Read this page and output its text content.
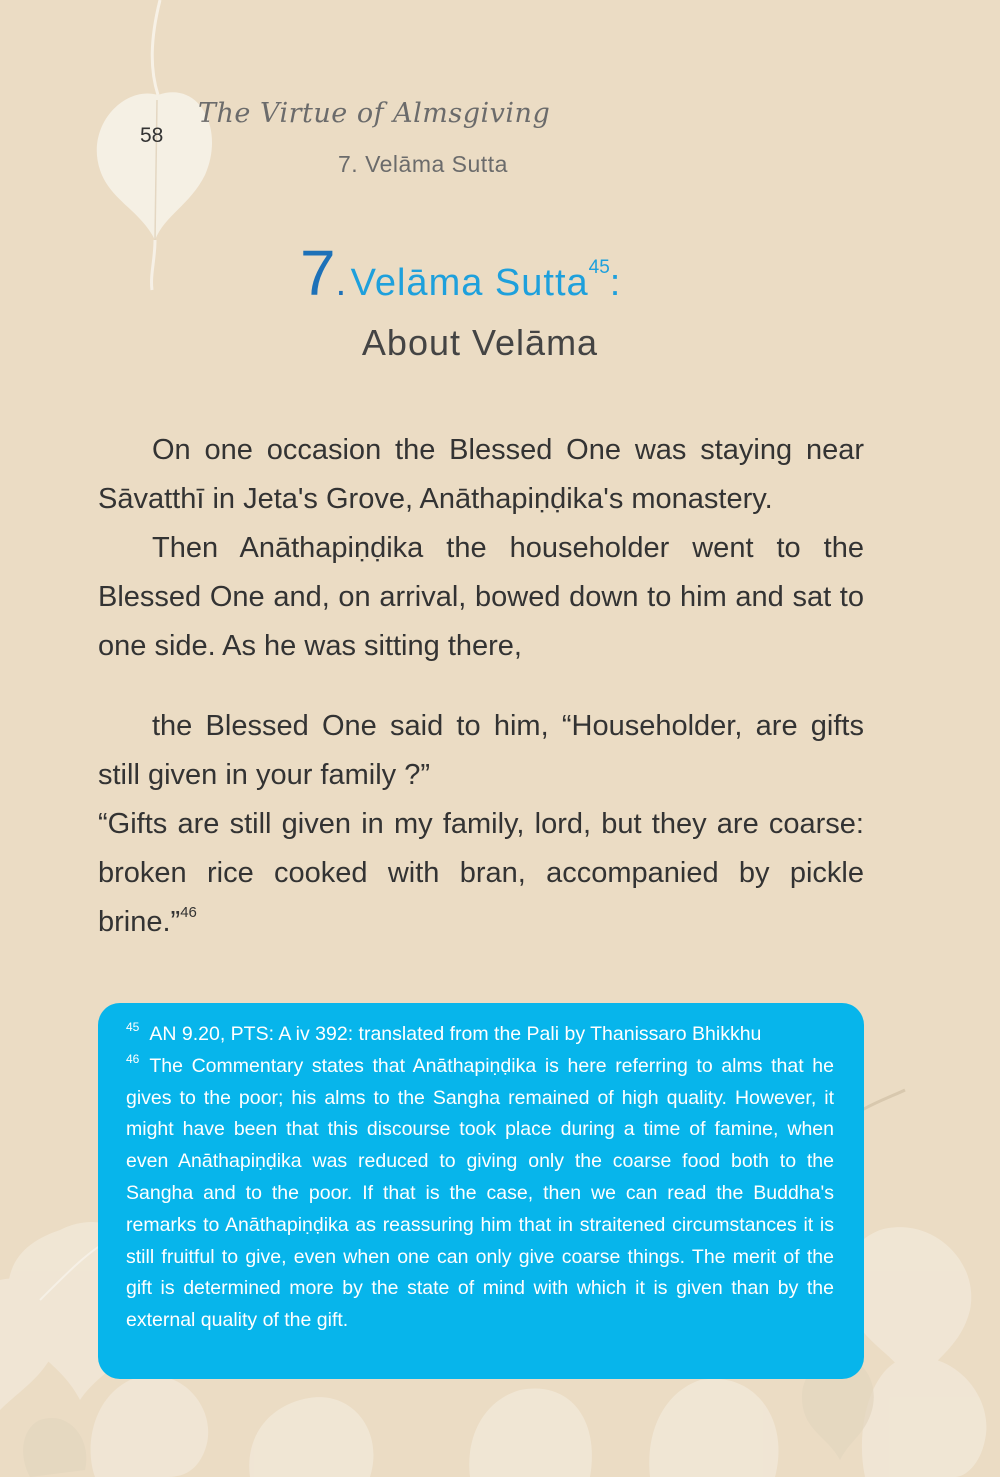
58
The Virtue of Almsgiving
7. Velāma Sutta
7. Velāma Sutta$^{45}$:
About Velāma

On one occasion the Blessed One was staying near Sāvatthī in Jeta's Grove, Anāthapiṇḍika's monastery.

Then Anāthapiṇḍika the householder went to the Blessed One and, on arrival, bowed down to him and sat to one side. As he was sitting there,

the Blessed One said to him, “Householder, are gifts still given in your family ?”

“Gifts are still given in my family, lord, but they are coarse: broken rice cooked with bran, accompanied by pickle brine.”$^{46}$

$^{45}$ AN 9.20, PTS: A iv 392: translated from the Pali by Thanissaro Bhikkhu

$^{46}$ The Commentary states that Anāthapiṇḍika is here referring to alms that he gives to the poor; his alms to the Sangha remained of high quality. However, it might have been that this discourse took place during a time of famine, when even Anāthapiṇḍika was reduced to giving only the coarse food both to the Sangha and to the poor. If that is the case, then we can read the Buddha's remarks to Anāthapiṇḍika as reassuring him that in straitened circumstances it is still fruitful to give, even when one can only give coarse things. The merit of the gift is determined more by the state of mind with which it is given than by the external quality of the gift.
